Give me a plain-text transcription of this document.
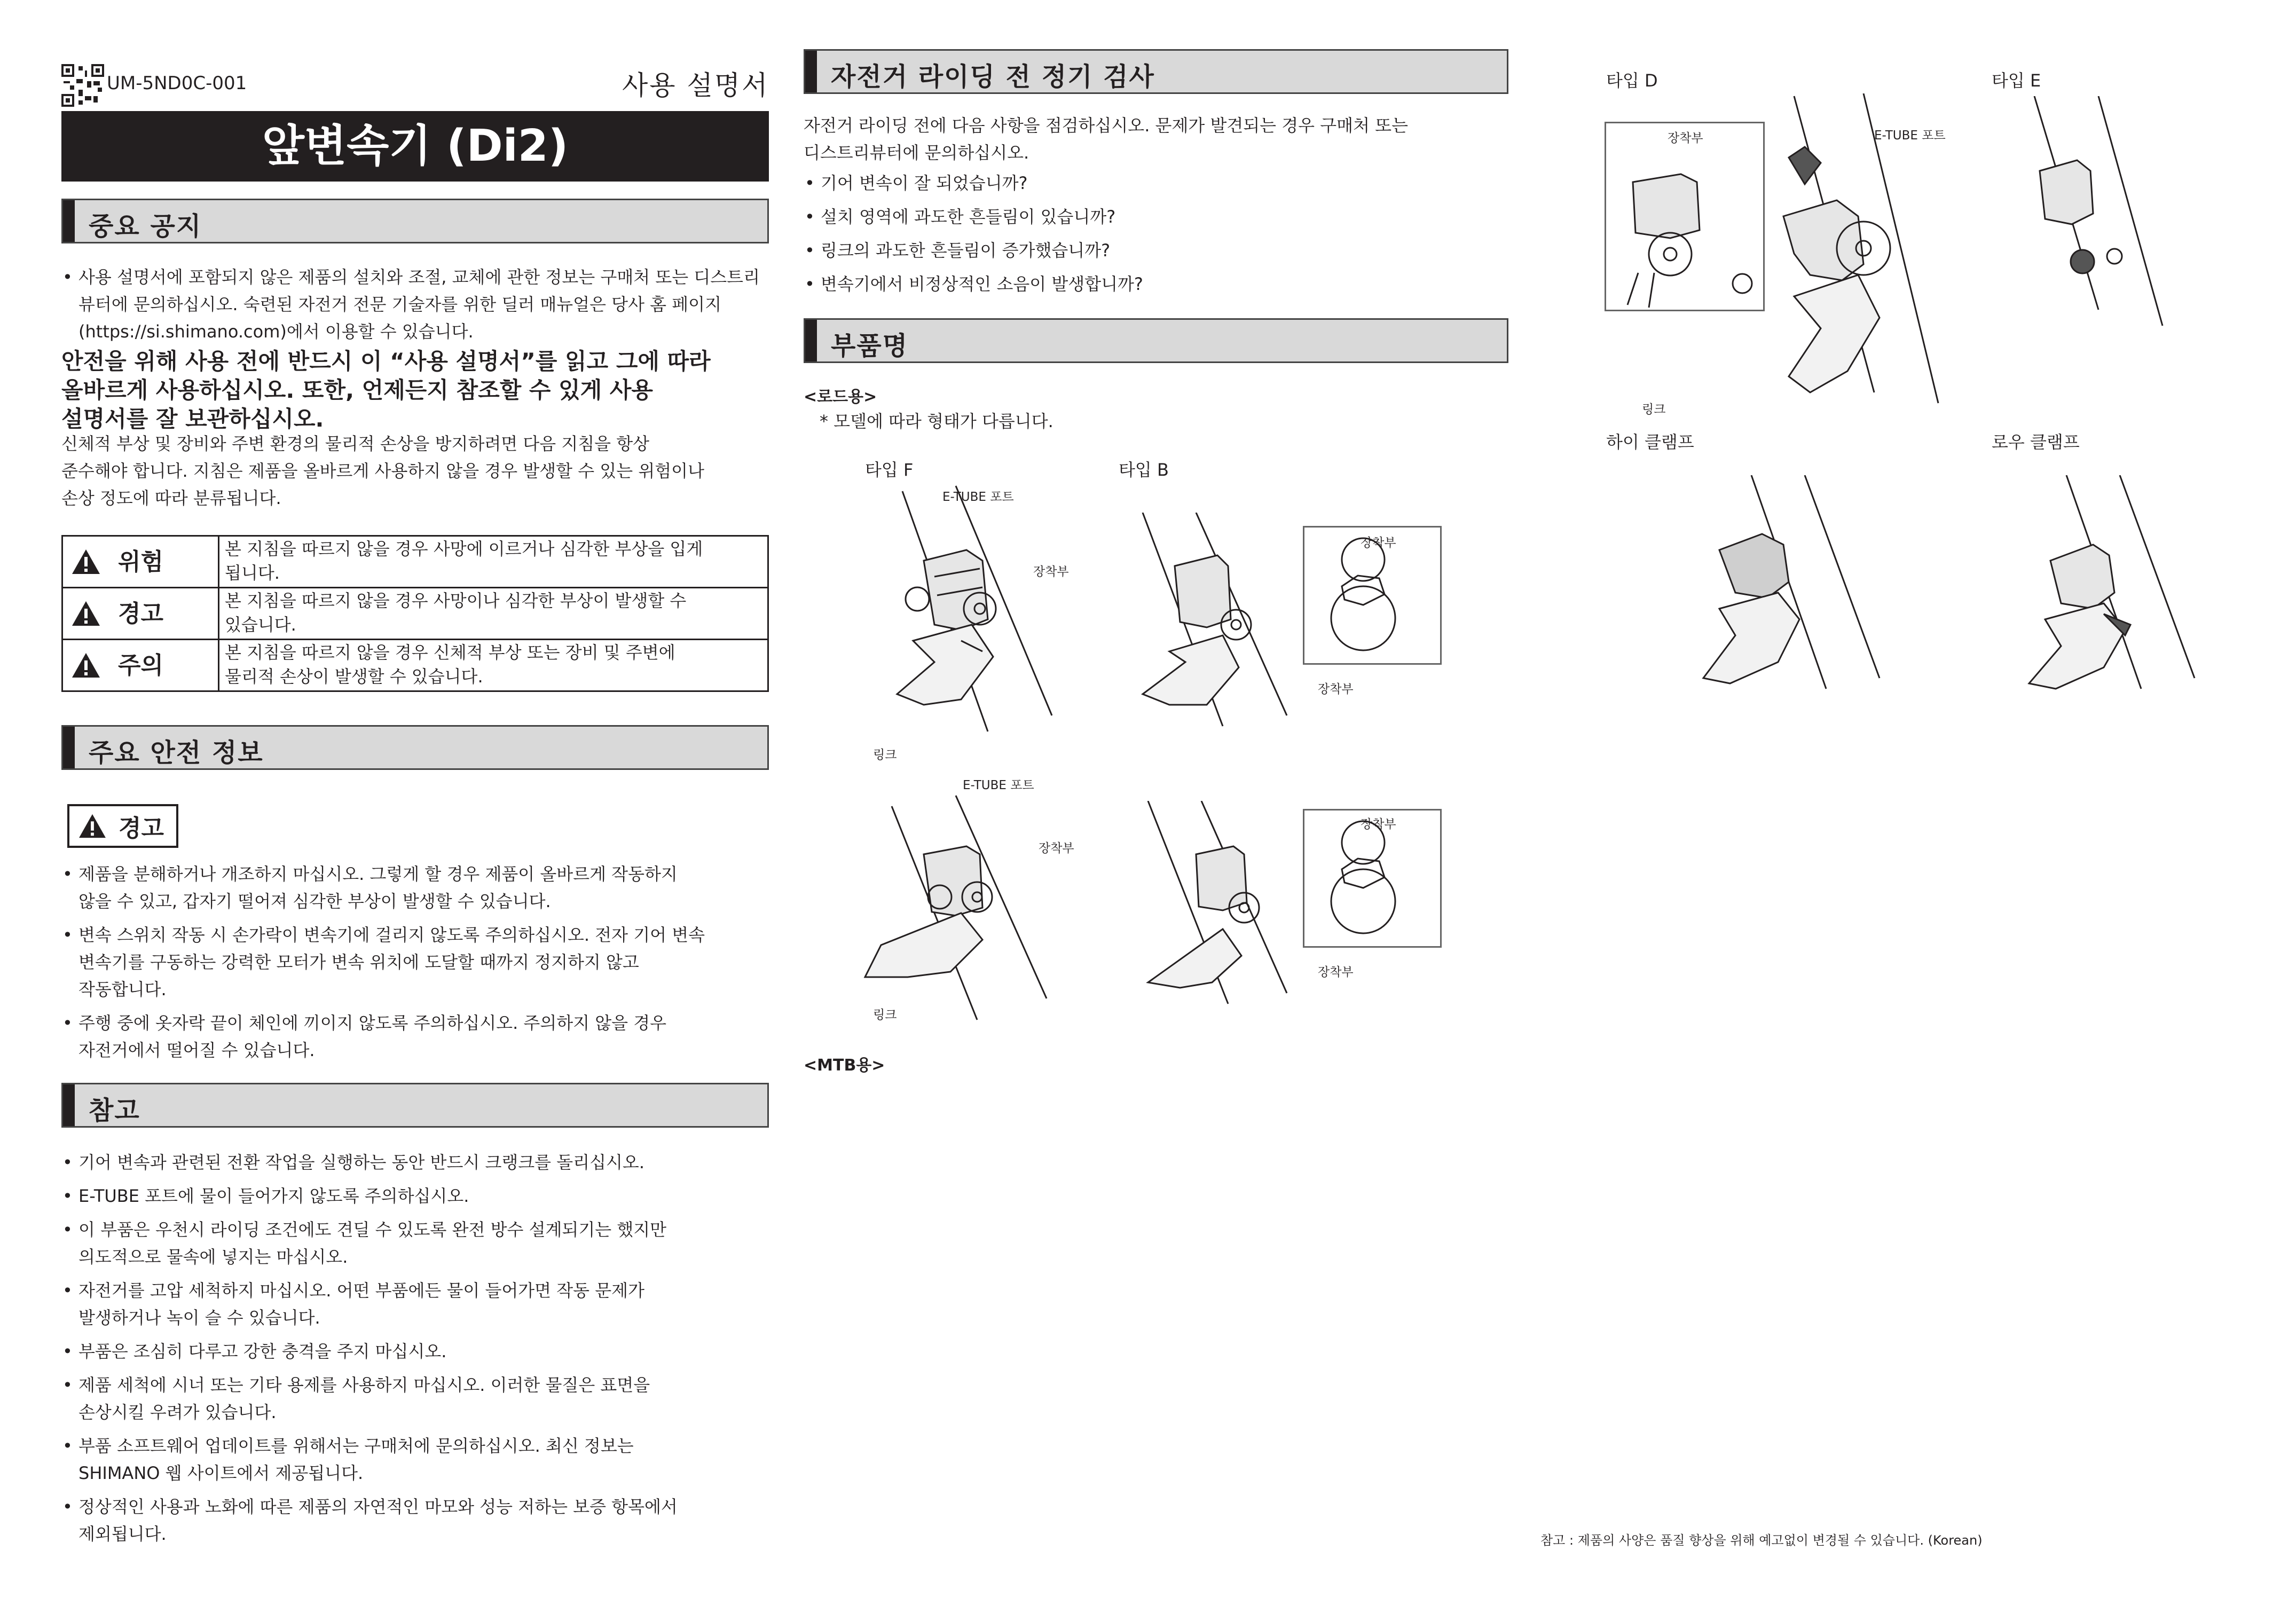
UM-5ND0C-001	사용 설명서
앞변속기 (Di2)
중요 공지
• 사용 설명서에 포함되지 않은 제품의 설치와 조절, 교체에 관한 정보는 구매처 또는 디스트리뷰터에 문의하십시오. 숙련된 자전거 전문 기술자를 위한 딜러 매뉴얼은 당사 홈 페이지(https://si.shimano.com)에서 이용할 수 있습니다.
안전을 위해 사용 전에 반드시 이 “사용 설명서”를 읽고 그에 따라
올바르게 사용하십시오. 또한, 언제든지 참조할 수 있게 사용
설명서를 잘 보관하십시오.
신체적 부상 및 장비와 주변 환경의 물리적 손상을 방지하려면 다음 지침을 항상
준수해야 합니다. 지침은 제품을 올바르게 사용하지 않을 경우 발생할 수 있는 위험이나
손상 정도에 따라 분류됩니다.
위험	본 지침을 따르지 않을 경우 사망에 이르거나 심각한 부상을 입게
됩니다.

경고	본 지침을 따르지 않을 경우 사망이나 심각한 부상이 발생할 수
있습니다.

주의	본 지침을 따르지 않을 경우 신체적 부상 또는 장비 및 주변에
물리적 손상이 발생할 수 있습니다.
주요 안전 정보
경고
• 제품을 분해하거나 개조하지 마십시오. 그렇게 할 경우 제품이 올바르게 작동하지
않을 수 있고, 갑자기 떨어져 심각한 부상이 발생할 수 있습니다.
• 변속 스위치 작동 시 손가락이 변속기에 걸리지 않도록 주의하십시오. 전자 기어 변속
변속기를 구동하는 강력한 모터가 변속 위치에 도달할 때까지 정지하지 않고
작동합니다.
• 주행 중에 옷자락 끝이 체인에 끼이지 않도록 주의하십시오. 주의하지 않을 경우
자전거에서 떨어질 수 있습니다.
참고
• 기어 변속과 관련된 전환 작업을 실행하는 동안 반드시 크랭크를 돌리십시오.
• E-TUBE 포트에 물이 들어가지 않도록 주의하십시오.
• 이 부품은 우천시 라이딩 조건에도 견딜 수 있도록 완전 방수 설계되기는 했지만
의도적으로 물속에 넣지는 마십시오.
• 자전거를 고압 세척하지 마십시오. 어떤 부품에든 물이 들어가면 작동 문제가
발생하거나 녹이 슬 수 있습니다.
• 부품은 조심히 다루고 강한 충격을 주지 마십시오.
• 제품 세척에 시너 또는 기타 용제를 사용하지 마십시오. 이러한 물질은 표면을
손상시킬 우려가 있습니다.
• 부품 소프트웨어 업데이트를 위해서는 구매처에 문의하십시오. 최신 정보는
SHIMANO 웹 사이트에서 제공됩니다.
• 정상적인 사용과 노화에 따른 제품의 자연적인 마모와 성능 저하는 보증 항목에서
제외됩니다.
자전거 라이딩 전 정기 검사
자전거 라이딩 전에 다음 사항을 점검하십시오. 문제가 발견되는 경우 구매처 또는
디스트리뷰터에 문의하십시오.
• 기어 변속이 잘 되었습니까?
• 설치 영역에 과도한 흔들림이 있습니까?
• 링크의 과도한 흔들림이 증가했습니까?
• 변속기에서 비정상적인 소음이 발생합니까?
부품명
<로드용>
* 모델에 따라 형태가 다릅니다.
타입 F	타입 B
E-TUBE 포트
장착부
링크
장착부
장착부
E-TUBE 포트
장착부
링크
장착부
장착부
<MTB용>
타입 D	타입 E
장착부
링크
E-TUBE 포트
하이 클램프	로우 클램프
참고 : 제품의 사양은 품질 향상을 위해 예고없이 변경될 수 있습니다. (Korean)
